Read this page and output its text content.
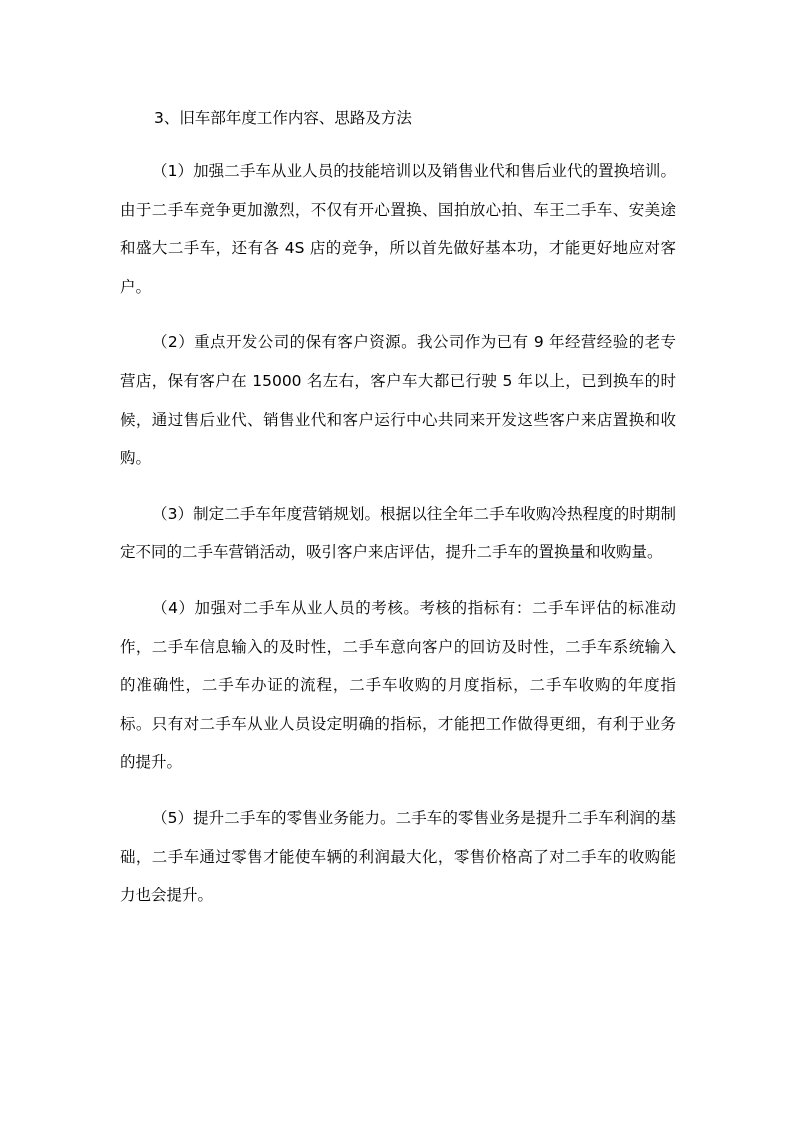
3、旧车部年度工作内容、思路及方法

（1）加强二手车从业人员的技能培训以及销售业代和售后业代的置换培训。由于二手车竞争更加激烈，不仅有开心置换、国拍放心拍、车王二手车、安美途和盛大二手车，还有各 4S 店的竞争，所以首先做好基本功，才能更好地应对客户。

（2）重点开发公司的保有客户资源。我公司作为已有 9 年经营经验的老专营店，保有客户在 15000 名左右，客户车大都已行驶 5 年以上，已到换车的时候，通过售后业代、销售业代和客户运行中心共同来开发这些客户来店置换和收购。

（3）制定二手车年度营销规划。根据以往全年二手车收购冷热程度的时期制定不同的二手车营销活动，吸引客户来店评估，提升二手车的置换量和收购量。

（4）加强对二手车从业人员的考核。考核的指标有：二手车评估的标准动作，二手车信息输入的及时性，二手车意向客户的回访及时性，二手车系统输入的准确性，二手车办证的流程，二手车收购的月度指标，二手车收购的年度指标。只有对二手车从业人员设定明确的指标，才能把工作做得更细，有利于业务的提升。

（5）提升二手车的零售业务能力。二手车的零售业务是提升二手车利润的基础，二手车通过零售才能使车辆的利润最大化，零售价格高了对二手车的收购能力也会提升。
